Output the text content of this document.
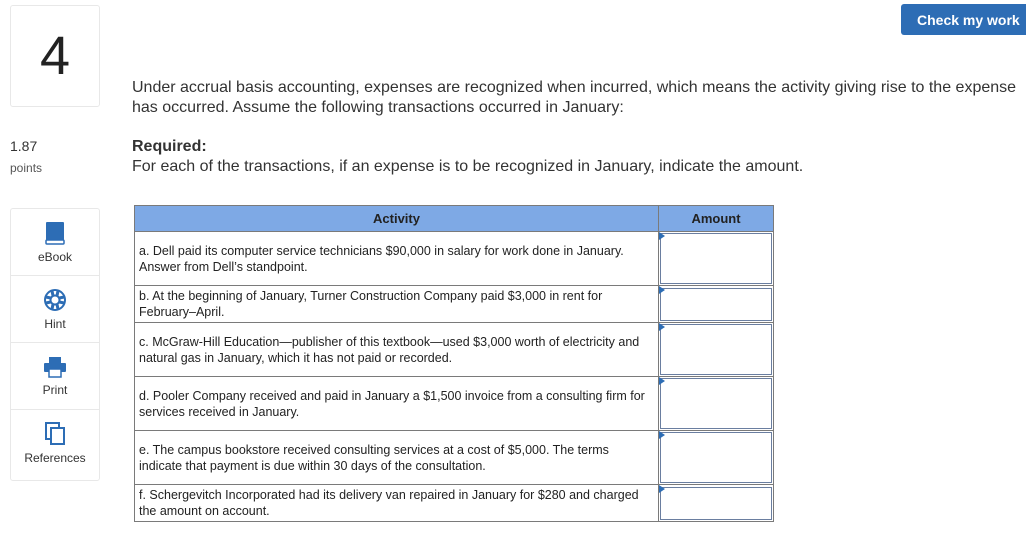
4
1.87
points
eBook
Hint
Print
References
Check my work
Under accrual basis accounting, expenses are recognized when incurred, which means the activity giving rise to the expense has occurred. Assume the following transactions occurred in January:
Required:
For each of the transactions, if an expense is to be recognized in January, indicate the amount.
Activity	Amount
a. Dell paid its computer service technicians $90,000 in salary for work done in January. Answer from Dell’s standpoint.	

b. At the beginning of January, Turner Construction Company paid $3,000 in rent for February–April.	

c. McGraw-Hill Education—publisher of this textbook—used $3,000 worth of electricity and natural gas in January, which it has not paid or recorded.	

d. Pooler Company received and paid in January a $1,500 invoice from a consulting firm for services received in January.	

e. The campus bookstore received consulting services at a cost of $5,000. The terms indicate that payment is due within 30 days of the consultation.	

f. Schergevitch Incorporated had its delivery van repaired in January for $280 and charged the amount on account.	
